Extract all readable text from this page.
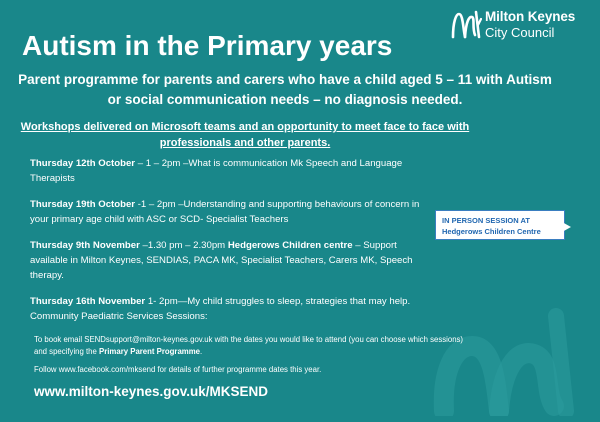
Milton Keynes
City Council
Autism in the Primary years
Parent programme for parents and carers who have a child aged 5 – 11 with Autism or social communication needs – no diagnosis needed.
Workshops delivered on Microsoft teams and an opportunity to meet face to face with professionals and other parents.
Thursday 12th October – 1 – 2pm –What is communication Mk Speech and Language Therapists
Thursday 19th October -1 – 2pm –Understanding and supporting behaviours of concern in your primary age child with ASC or SCD- Specialist Teachers
Thursday 9th November –1.30 pm – 2.30pm Hedgerows Children centre – Support available in Milton Keynes, SENDIAS, PACA MK, Specialist Teachers, Carers MK, Speech therapy.
Thursday 16th November 1- 2pm—My child struggles to sleep, strategies that may help. Community Paediatric Services Sessions:
IN PERSON SESSION AT
Hedgerows Children Centre
To book email SENDsupport@milton-keynes.gov.uk with the dates you would like to attend (you can choose which sessions) and specifying the Primary Parent Programme.
Follow www.facebook.com/mksend for details of further programme dates this year.
www.milton-keynes.gov.uk/MKSEND
